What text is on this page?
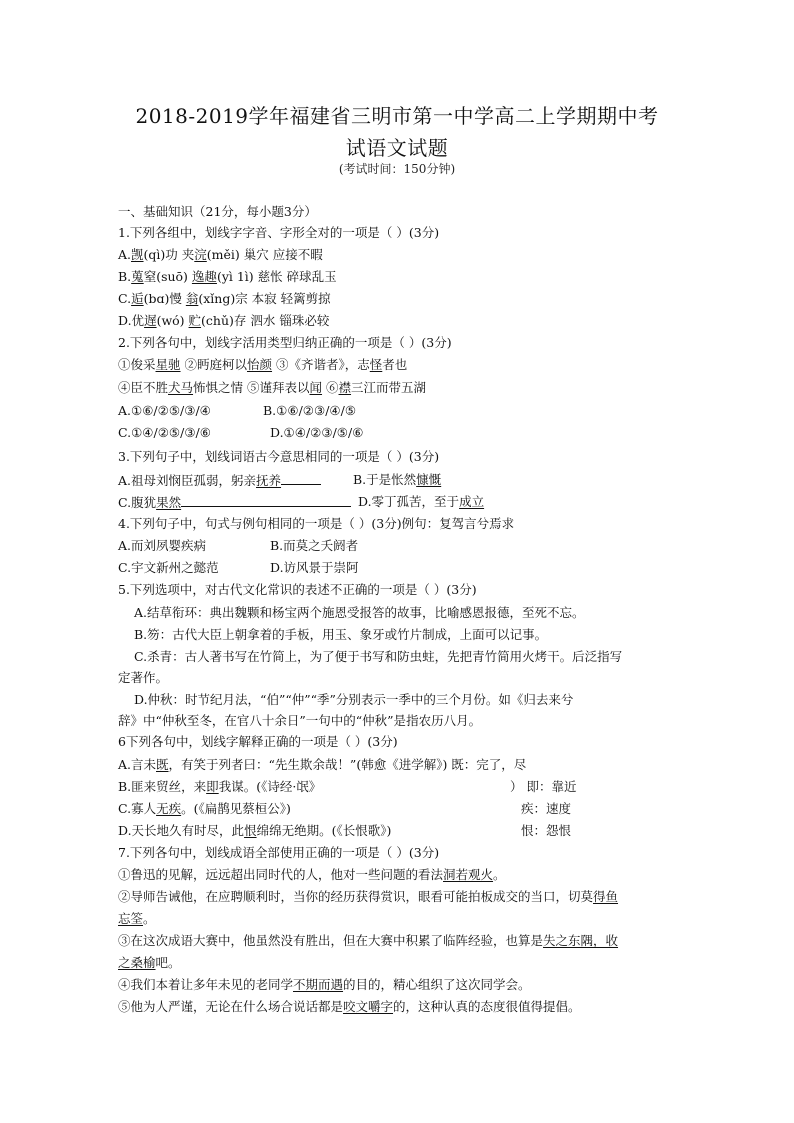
2018-2019学年福建省三明市第一中学高二上学期期中考
试语文试题
(考试时间：150分钟)
一、基础知识（21分，每小题3分）
1.下列各组中，划线字字音、字形全对的一项是（ ）(3分)
A.觊(qì)功 夹浣(měi) 巢穴 应接不暇
B.蒐窒(suō) 逸趣(yì 1ì) 慈怅 碎球乱玉
C.逅(bɑ)慢 翁(xǐng)宗 本寂 轻篱剪掠
D.优遅(wó) 贮(chǔ)存 泗水 锱珠必较
2.下列各句中，划线字活用类型归纳正确的一项是（ ）(3分)
①俊采星驰 ②眄庭柯以怡颜 ③《齐谐者》，志怪者也
④臣不胜犬马怖惧之情 ⑤谨拜表以闻 ⑥襟三江而带五湖
A.①⑥/②⑤/③/④	B.①⑥/②③/④/⑤
C.①④/②⑤/③/⑥	D.①④/②③/⑤/⑥
3.下列句子中，划线词语古今意思相同的一项是（ ）(3分)
A.祖母刘悯臣孤弱，躬亲抚养	B.于是怅然慷慨
C.腹犹果然	D.零丁孤苦，至于成立
4.下列句子中，句式与例句相同的一项是（ ）(3分)例句：复驾言兮焉求
A.而刘夙婴疾病	B.而莫之夭阏者
C.宇文新州之懿范	D.访风景于崇阿
5.下列选项中，对古代文化常识的表述不正确的一项是（ ）(3分)
A.结草衔环：典出魏颗和杨宝两个施恩受报答的故事，比喻感恩报德，至死不忘。
B.笏：古代大臣上朝拿着的手板，用玉、象牙或竹片制成，上面可以记事。
C.杀青：古人著书写在竹简上，为了便于书写和防虫蛀，先把青竹简用火烤干。后泛指写
定著作。
D.仲秋：时节纪月法，“伯”“仲”“季”分别表示一季中的三个月份。如《归去来兮
辞》中“仲秋至冬，在官八十余日”一句中的“仲秋”是指农历八月。
6下列各句中，划线字解释正确的一项是（ ）(3分)
A.言未既，有笑于列者曰：“先生欺余哉！”(韩愈《进学解》) 既：完了，尽
B.匪来贸丝，来即我谋。(《诗经·氓》	） 即：靠近
C.寡人无疾。(《扁鹊见蔡桓公》)	疾：速度
D.天长地久有时尽，此恨绵绵无绝期。(《长恨歌》)	恨：怨恨
7.下列各句中，划线成语全部使用正确的一项是（ ）(3分)
①鲁迅的见解，远远超出同时代的人，他对一些问题的看法洞若观火。
②导师告诫他，在应聘顺利时，当你的经历获得赏识，眼看可能拍板成交的当口，切莫得鱼
忘筌。
③在这次成语大赛中，他虽然没有胜出，但在大赛中积累了临阵经验，也算是失之东隅，收
之桑榆吧。
④我们本着让多年未见的老同学不期而遇的目的，精心组织了这次同学会。
⑤他为人严谨，无论在什么场合说话都是咬文嚼字的，这种认真的态度很值得提倡。
